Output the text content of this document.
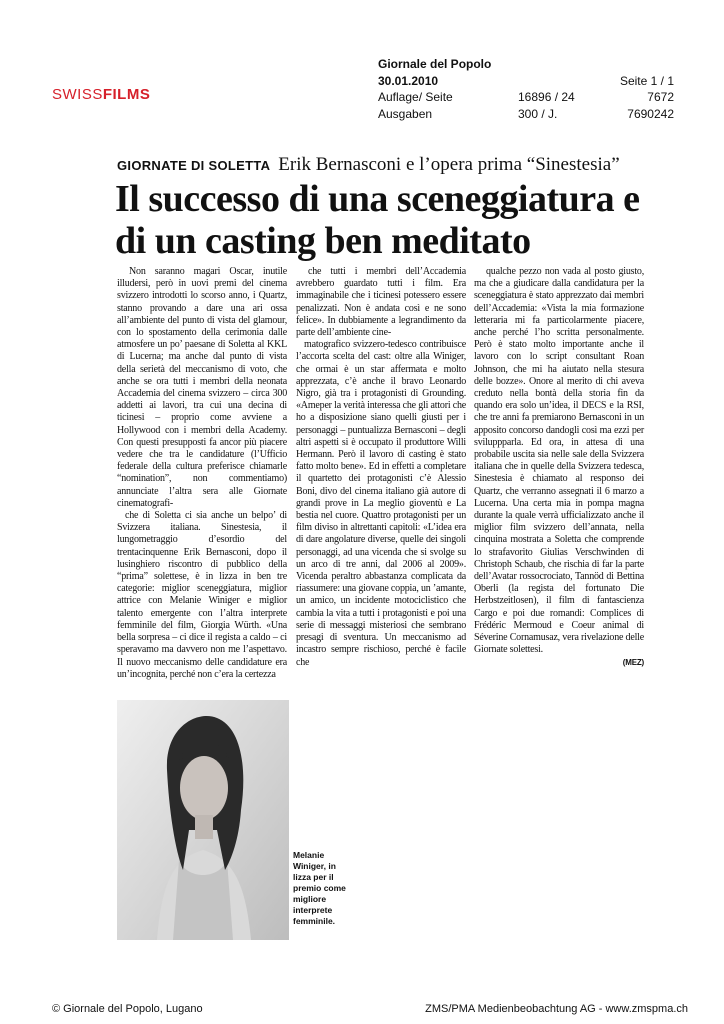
SWISSFILMS
Giornale del Popolo
30.01.2010	Seite 1 / 1
Auflage/ Seite	16896 / 24	7672
Ausgaben	300 / J.	7690242
GIORNATE DI SOLETTA Erik Bernasconi e l’opera prima “Sinestesia”
Il successo di una sceneggiatura e di un casting ben meditato

Non saranno magari Oscar, inutile illudersi, però in uovi premi del cinema svizzero introdotti lo scorso anno, i Quartz, stanno provando a dare una ari ossa all’ambiente del punto di vista del glamour, con lo spostamento della cerimonia dalle atmosfere un po’ paesane di Soletta al KKL di Lucerna; ma anche dal punto di vista della serietà del meccanismo di voto, che anche se ora tutti i membri della neonata Accademia del cinema svizzero – circa 300 addetti ai lavori, tra cui una decina di ticinesi – proprio come avviene a Hollywood con i membri della Academy. Con questi presupposti fa ancor più piacere vedere che tra le candidature (l’Ufficio federale della cultura preferisce chiamarle “nomination”, non commentiamo) annunciate l’altra sera alle Giornate cinematografi-

che di Soletta ci sia anche un belpo’ di Svizzera italiana. Sinestesia, il lungometraggio d’esordio del trentacinquenne Erik Bernasconi, dopo il lusinghiero riscontro di pubblico della “prima” solettese, è in lizza in ben tre categorie: miglior sceneggiatura, miglior attrice con Melanie Winiger e miglior talento emergente con l’altra interprete femminile del film, Giorgia Würth. «Una bella sorpresa – ci dice il regista a caldo – ci speravamo ma davvero non me l’aspettavo. Il nuovo meccanismo delle candidature era un’incognita, perché non c’era la certezza

che tutti i membri dell’Accademia avrebbero guardato tutti i film. Era immaginabile che i ticinesi potessero essere penalizzati. Non è andata così e ne sono felice». In dubbiamente a legrandimento da parte dell’ambiente cine-

matografico svizzero-tedesco contribuisce l’accorta scelta del cast: oltre alla Winiger, che ormai è un star affermata e molto apprezzata, c’è anche il bravo Leonardo Nigro, già tra i protagonisti di Grounding. «Ameper la verità interessa che gli attori che ho a disposizione siano quelli giusti per i personaggi – puntualizza Bernasconi – degli altri aspetti si è occupato il produttore Willi Hermann. Però il lavoro di casting è stato fatto molto bene». Ed in effetti a completare il quartetto dei protagonisti c’è Alessio Boni, divo del cinema italiano già autore di grandi prove in La meglio gioventù e La bestia nel cuore. Quattro protagonisti per un film diviso in altrettanti capitoli: «L’idea era di dare angolature diverse, quelle dei singoli personaggi, ad una vicenda che si svolge su un arco di tre anni, dal 2006 al 2009». Vicenda peraltro abbastanza complicata da riassumere: una giovane coppia, un ’amante, un amico, un incidente motociclistico che cambia la vita a tutti i protagonisti e poi una serie di messaggi misteriosi che sembrano presagi di sventura. Un meccanismo ad incastro sempre rischioso, perché è facile che

qualche pezzo non vada al posto giusto, ma che a giudicare dalla candidatura per la sceneggiatura è stato apprezzato dai membri dell’Accademia: «Vista la mia formazione letteraria mi fa particolarmente piacere, anche perché l’ho scritta personalmente. Però è stato molto importante anche il lavoro con lo script consultant Roan Johnson, che mi ha aiutato nella stesura delle bozze». Onore al merito di chi aveva creduto nella bontà della storia fin da quando era solo un’idea, il DECS e la RSI, che tre anni fa premiarono Bernasconi in un apposito concorso dandogli così ma ezzi per sviluppparla. Ed ora, in attesa di una probabile uscita sia nelle sale della Svizzera italiana che in quelle della Svizzera tedesca, Sinestesia è chiamato al responso dei Quartz, che verranno assegnati il 6 marzo a Lucerna. Una certa mia in pompa magna durante la quale verrà ufficializzato anche il miglior film svizzero dell’annata, nella cinquina mostrata a Soletta che comprende lo strafavorito Giulias Verschwinden di Christoph Schaub, che rischia di far la parte dell’Avatar rossocrociato, Tannöd di Bettina Oberli (la regista del fortunato Die Herbstzeitlosen), il film di fantascienza Cargo e poi due romandi: Complices di Frédéric Mermoud e Coeur animal di Séverine Cornamusaz, vera rivelazione delle Giornate solettesi.

(MEZ)
Melanie Winiger, in lizza per il premio come migliore interprete femminile.
© Giornale del Popolo, Lugano	ZMS/PMA Medienbeobachtung AG - www.zmspma.ch
